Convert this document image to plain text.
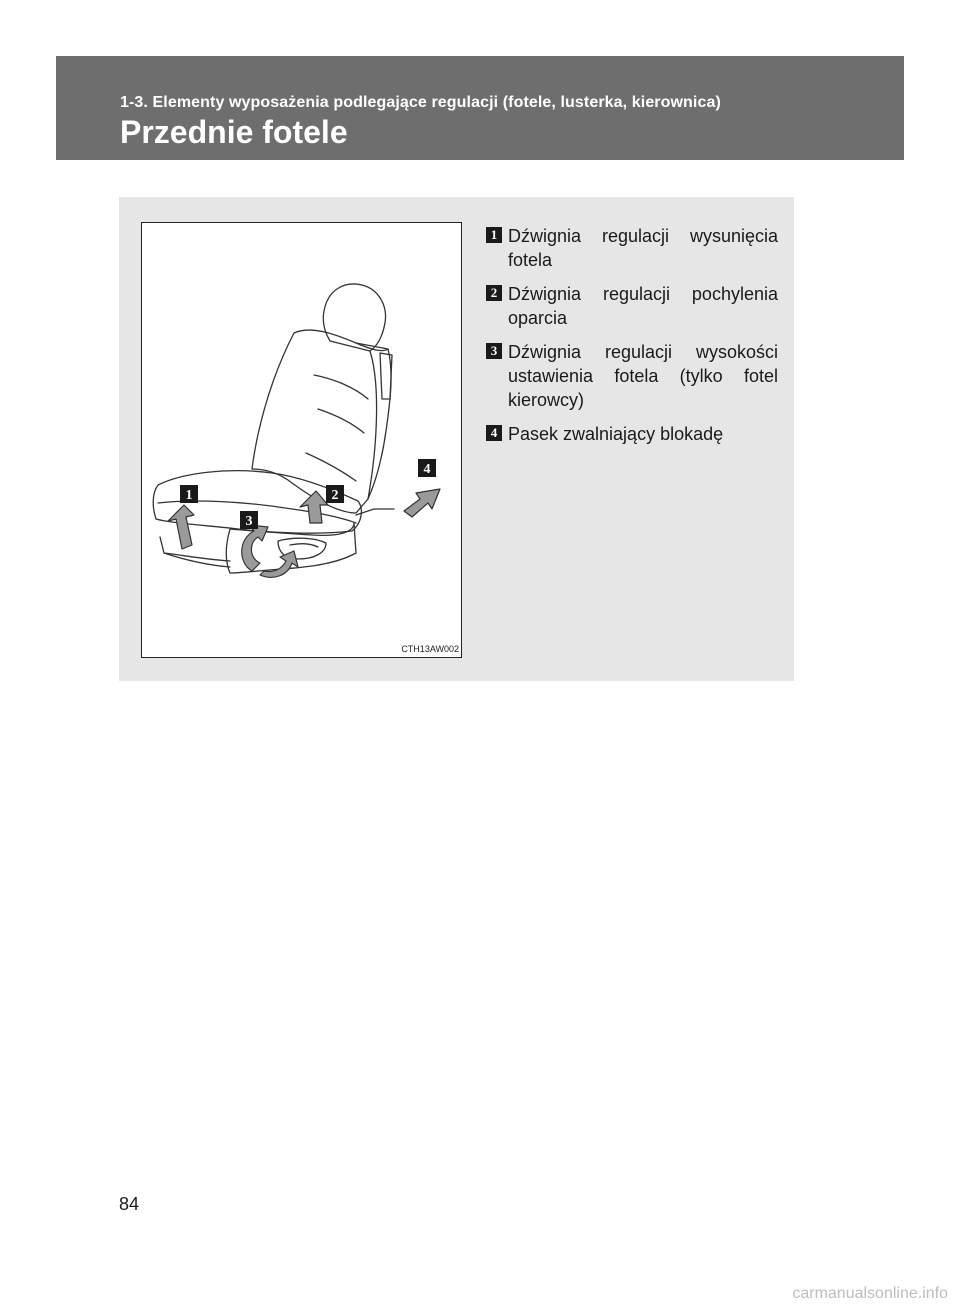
1-3. Elementy wyposażenia podlegające regulacji (fotele, lusterka, kierownica)
Przednie fotele
1	2
3
4
CTH13AW002
1 Dźwignia regulacji wysunięcia fotela
2 Dźwignia regulacji pochylenia oparcia
3 Dźwignia regulacji wysokości ustawienia fotela (tylko fotel kierowcy)
4 Pasek zwalniający blokadę
84
carmanualsonline.info
